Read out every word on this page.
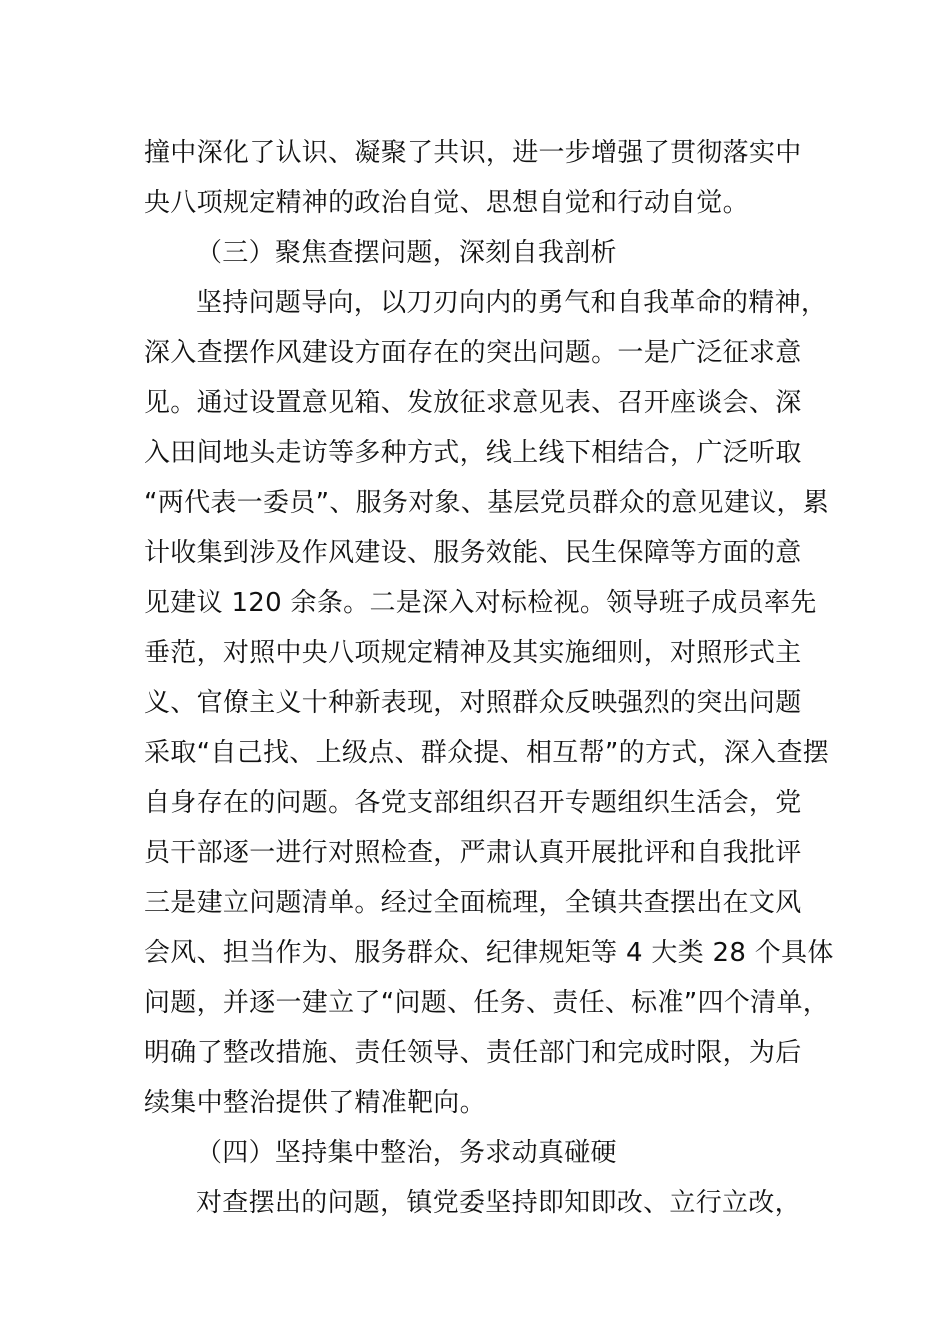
撞中深化了认识、凝聚了共识，进一步增强了贯彻落实中
央八项规定精神的政治自觉、思想自觉和行动自觉。
（三）聚焦查摆问题，深刻自我剖析
坚持问题导向，以刀刃向内的勇气和自我革命的精神，
深入查摆作风建设方面存在的突出问题。一是广泛征求意
见。通过设置意见箱、发放征求意见表、召开座谈会、深
入田间地头走访等多种方式，线上线下相结合，广泛听取
“两代表一委员”、服务对象、基层党员群众的意见建议，累
计收集到涉及作风建设、服务效能、民生保障等方面的意
见建议 120 余条。二是深入对标检视。领导班子成员率先
垂范，对照中央八项规定精神及其实施细则，对照形式主
义、官僚主义十种新表现，对照群众反映强烈的突出问题
采取“自己找、上级点、群众提、相互帮”的方式，深入查摆
自身存在的问题。各党支部组织召开专题组织生活会，党
员干部逐一进行对照检查，严肃认真开展批评和自我批评
三是建立问题清单。经过全面梳理，全镇共查摆出在文风
会风、担当作为、服务群众、纪律规矩等 4 大类 28 个具体
问题，并逐一建立了“问题、任务、责任、标准”四个清单，
明确了整改措施、责任领导、责任部门和完成时限，为后
续集中整治提供了精准靶向。
（四）坚持集中整治，务求动真碰硬
对查摆出的问题，镇党委坚持即知即改、立行立改，
